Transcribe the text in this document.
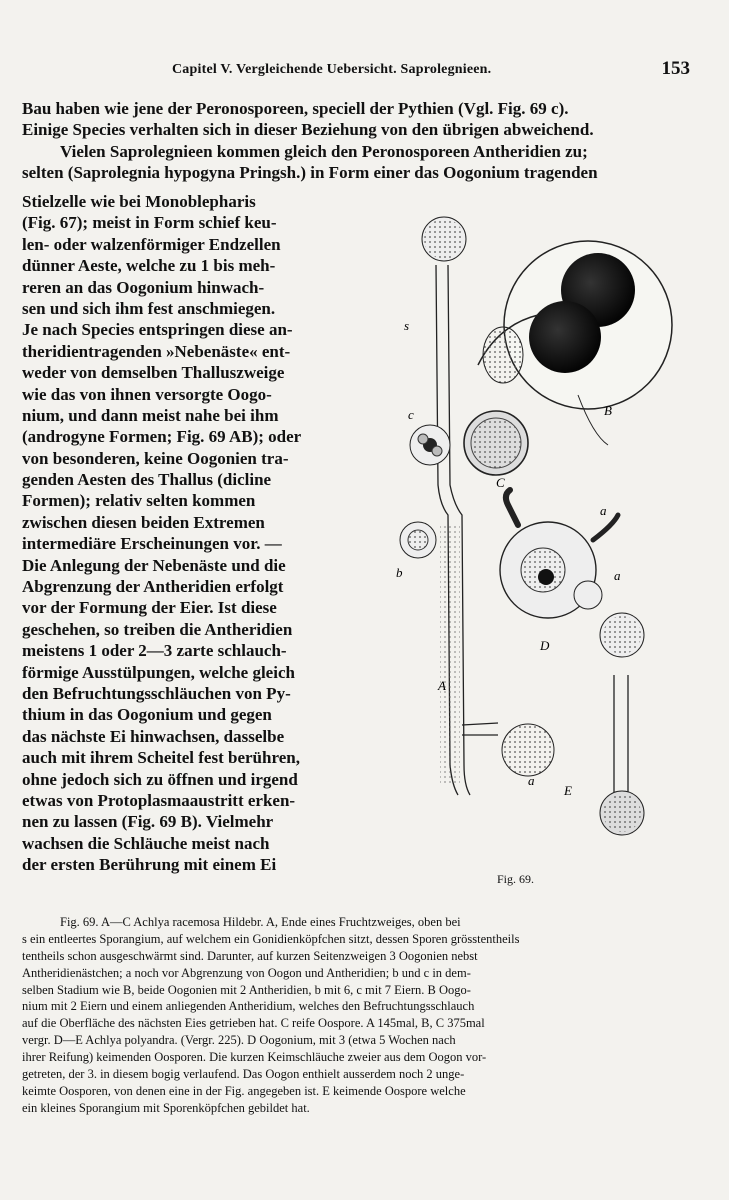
Capitel V. Vergleichende Uebersicht. Saprolegnieen.	153
Bau haben wie jene der Peronosporeen, speciell der Pythien (Vgl. Fig. 69 c).
Einige Species verhalten sich in dieser Beziehung von den übrigen abweichend.
Vielen Saprolegnieen kommen gleich den Peronosporeen Antheridien zu;
selten (Saprolegnia hypogyna Pringsh.) in Form einer das Oogonium tragenden
Stielzelle wie bei Monoblepharis
(Fig. 67); meist in Form schief keu-
len- oder walzenförmiger Endzellen
dünner Aeste, welche zu 1 bis meh-
reren an das Oogonium hinwach-
sen und sich ihm fest anschmiegen.
Je nach Species entspringen diese an-
theridientragenden »Nebenäste« ent-
weder von demselben Thalluszweige
wie das von ihnen versorgte Oogo-
nium, und dann meist nahe bei ihm
(androgyne Formen; Fig. 69 AB); oder
von besonderen, keine Oogonien tra-
genden Aesten des Thallus (dicline
Formen); relativ selten kommen
zwischen diesen beiden Extremen
intermediäre Erscheinungen vor. —
Die Anlegung der Nebenäste und die
Abgrenzung der Antheridien erfolgt
vor der Formung der Eier. Ist diese
geschehen, so treiben die Antheridien
meistens 1 oder 2—3 zarte schlauch-
förmige Ausstülpungen, welche gleich
den Befruchtungsschläuchen von Py-
thium in das Oogonium und gegen
das nächste Ei hinwachsen, dasselbe
auch mit ihrem Scheitel fest berühren,
ohne jedoch sich zu öffnen und irgend
etwas von Protoplasmaaustritt erken-
nen zu lassen (Fig. 69 B). Vielmehr
wachsen die Schläuche meist nach
der ersten Berührung mit einem Ei
s
B
c
C
a
b	a
D
A
a
E
Fig. 69.
Fig. 69. A—C Achlya racemosa Hildebr. A, Ende eines Fruchtzweiges, oben bei
s ein entleertes Sporangium, auf welchem ein Gonidienköpfchen sitzt, dessen Sporen grösstentheils
tentheils schon ausgeschwärmt sind. Darunter, auf kurzen Seitenzweigen 3 Oogonien nebst
Antheridienästchen; a noch vor Abgrenzung von Oogon und Antheridien; b und c in dem-
selben Stadium wie B, beide Oogonien mit 2 Antheridien, b mit 6, c mit 7 Eiern. B Oogo-
nium mit 2 Eiern und einem anliegenden Antheridium, welches den Befruchtungsschlauch
auf die Oberfläche des nächsten Eies getrieben hat. C reife Oospore. A 145mal, B, C 375mal
vergr. D—E Achlya polyandra. (Vergr. 225). D Oogonium, mit 3 (etwa 5 Wochen nach
ihrer Reifung) keimenden Oosporen. Die kurzen Keimschläuche zweier aus dem Oogon vor-
getreten, der 3. in diesem bogig verlaufend. Das Oogon enthielt ausserdem noch 2 unge-
keimte Oosporen, von denen eine in der Fig. angegeben ist. E keimende Oospore welche
ein kleines Sporangium mit Sporenköpfchen gebildet hat.
